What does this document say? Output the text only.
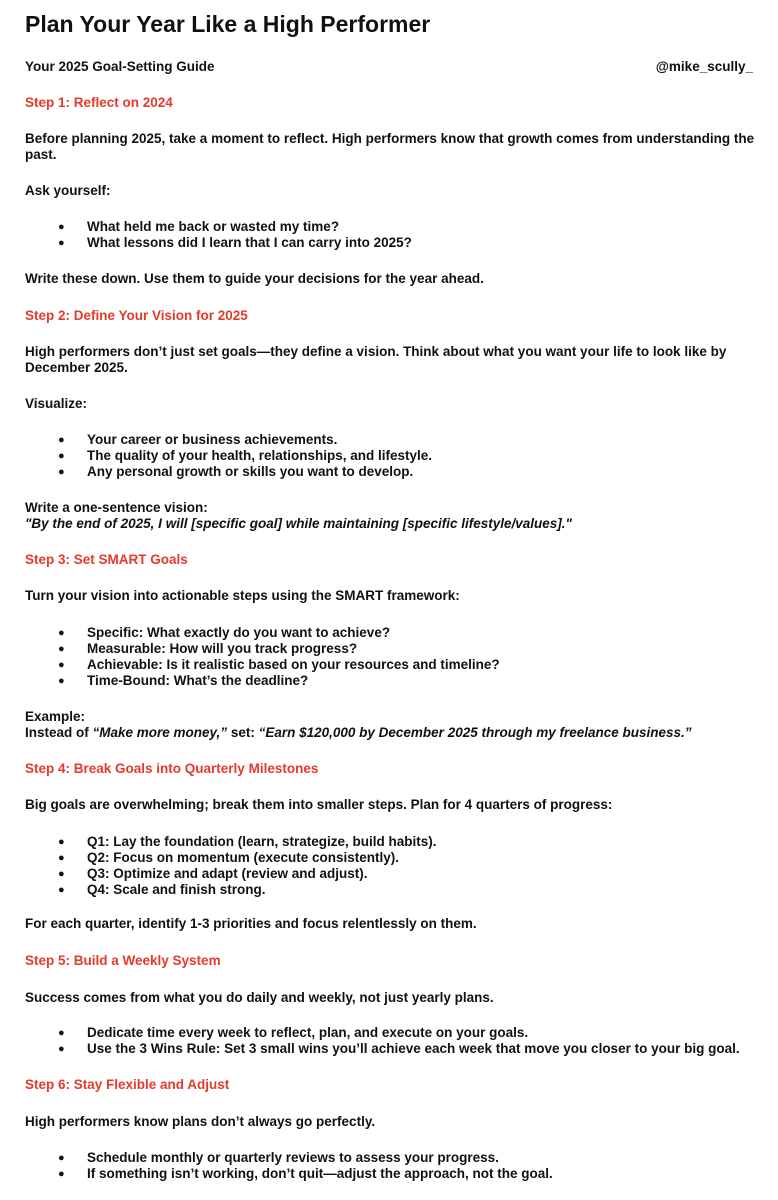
Plan Your Year Like a High Performer

Your 2025 Goal-Setting Guide	@mike_scully_

Step 1: Reflect on 2024

Before planning 2025, take a moment to reflect. High performers know that growth comes from understanding the past.

Ask yourself:

● What held me back or wasted my time?
● What lessons did I learn that I can carry into 2025?

Write these down. Use them to guide your decisions for the year ahead.

Step 2: Define Your Vision for 2025

High performers don’t just set goals—they define a vision. Think about what you want your life to look like by December 2025.

Visualize:

● Your career or business achievements.
● The quality of your health, relationships, and lifestyle.
● Any personal growth or skills you want to develop.

Write a one-sentence vision:

"By the end of 2025, I will [specific goal] while maintaining [specific lifestyle/values]."

Step 3: Set SMART Goals

Turn your vision into actionable steps using the SMART framework:

● Specific: What exactly do you want to achieve?
● Measurable: How will you track progress?
● Achievable: Is it realistic based on your resources and timeline?
● Time-Bound: What’s the deadline?

Example:

Instead of “Make more money,” set: “Earn $120,000 by December 2025 through my freelance business.”

Step 4: Break Goals into Quarterly Milestones

Big goals are overwhelming; break them into smaller steps. Plan for 4 quarters of progress:

● Q1: Lay the foundation (learn, strategize, build habits).
● Q2: Focus on momentum (execute consistently).
● Q3: Optimize and adapt (review and adjust).
● Q4: Scale and finish strong.

For each quarter, identify 1-3 priorities and focus relentlessly on them.

Step 5: Build a Weekly System

Success comes from what you do daily and weekly, not just yearly plans.

● Dedicate time every week to reflect, plan, and execute on your goals.
● Use the 3 Wins Rule: Set 3 small wins you’ll achieve each week that move you closer to your big goal.

Step 6: Stay Flexible and Adjust

High performers know plans don’t always go perfectly.

● Schedule monthly or quarterly reviews to assess your progress.
● If something isn’t working, don’t quit—adjust the approach, not the goal.
